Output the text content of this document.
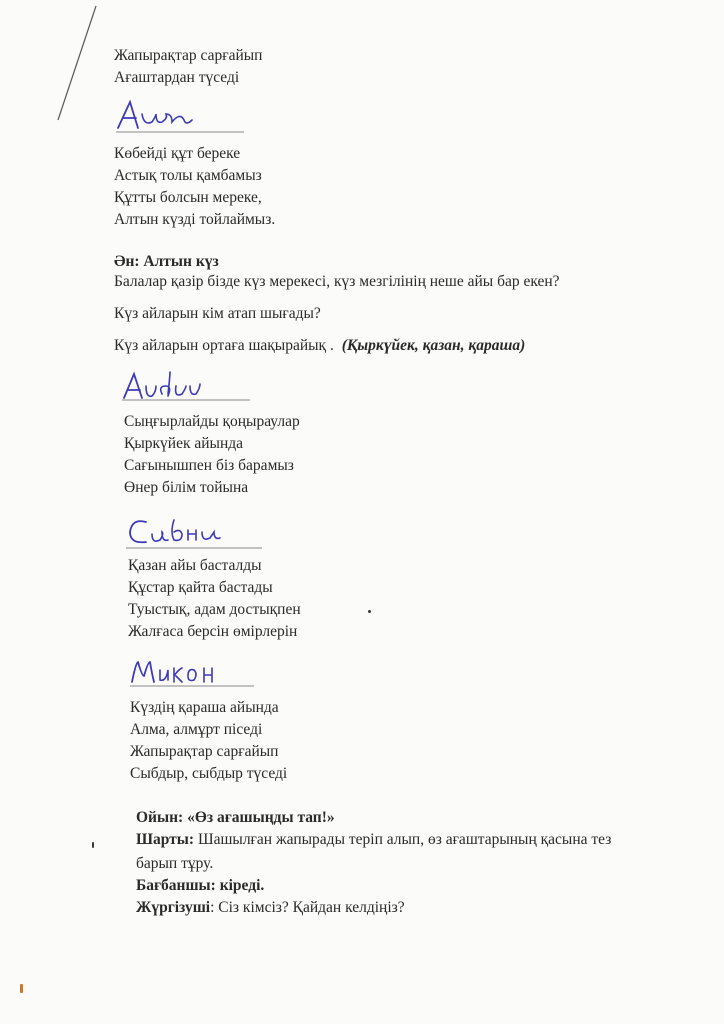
Жапырақтар сарғайып
Ағаштардан түседі
Көбейді құт береке
Астық толы қамбамыз
Құтты болсын мереке,
Алтын күзді тойлаймыз.
Ән: Алтын күз
Балалар қазір бізде күз мерекесі, күз мезгілінің неше айы бар екен?
Күз айларын кім атап шығады?
Күз айларын ортаға шақырайық . (Қыркүйек, қазан, қараша)
Сыңғырлайды қоңыраулар
Қыркүйек айында
Сағынышпен біз барамыз
Өнер білім тойына
Қазан айы басталды
Құстар қайта бастады
Туыстық, адам достықпен
Жалғаса берсін өмірлерін
Күздің қараша айында
Алма, алмұрт піседі
Жапырақтар сарғайып
Сыбдыр, сыбдыр түседі
Ойын: «Өз ағашыңды тап!»
Шарты: Шашылған жапырады теріп алып, өз ағаштарының қасына тез
барып тұру.
Бағбаншы: кіреді.
Жүргізуші: Сіз кімсіз? Қайдан келдіңіз?
